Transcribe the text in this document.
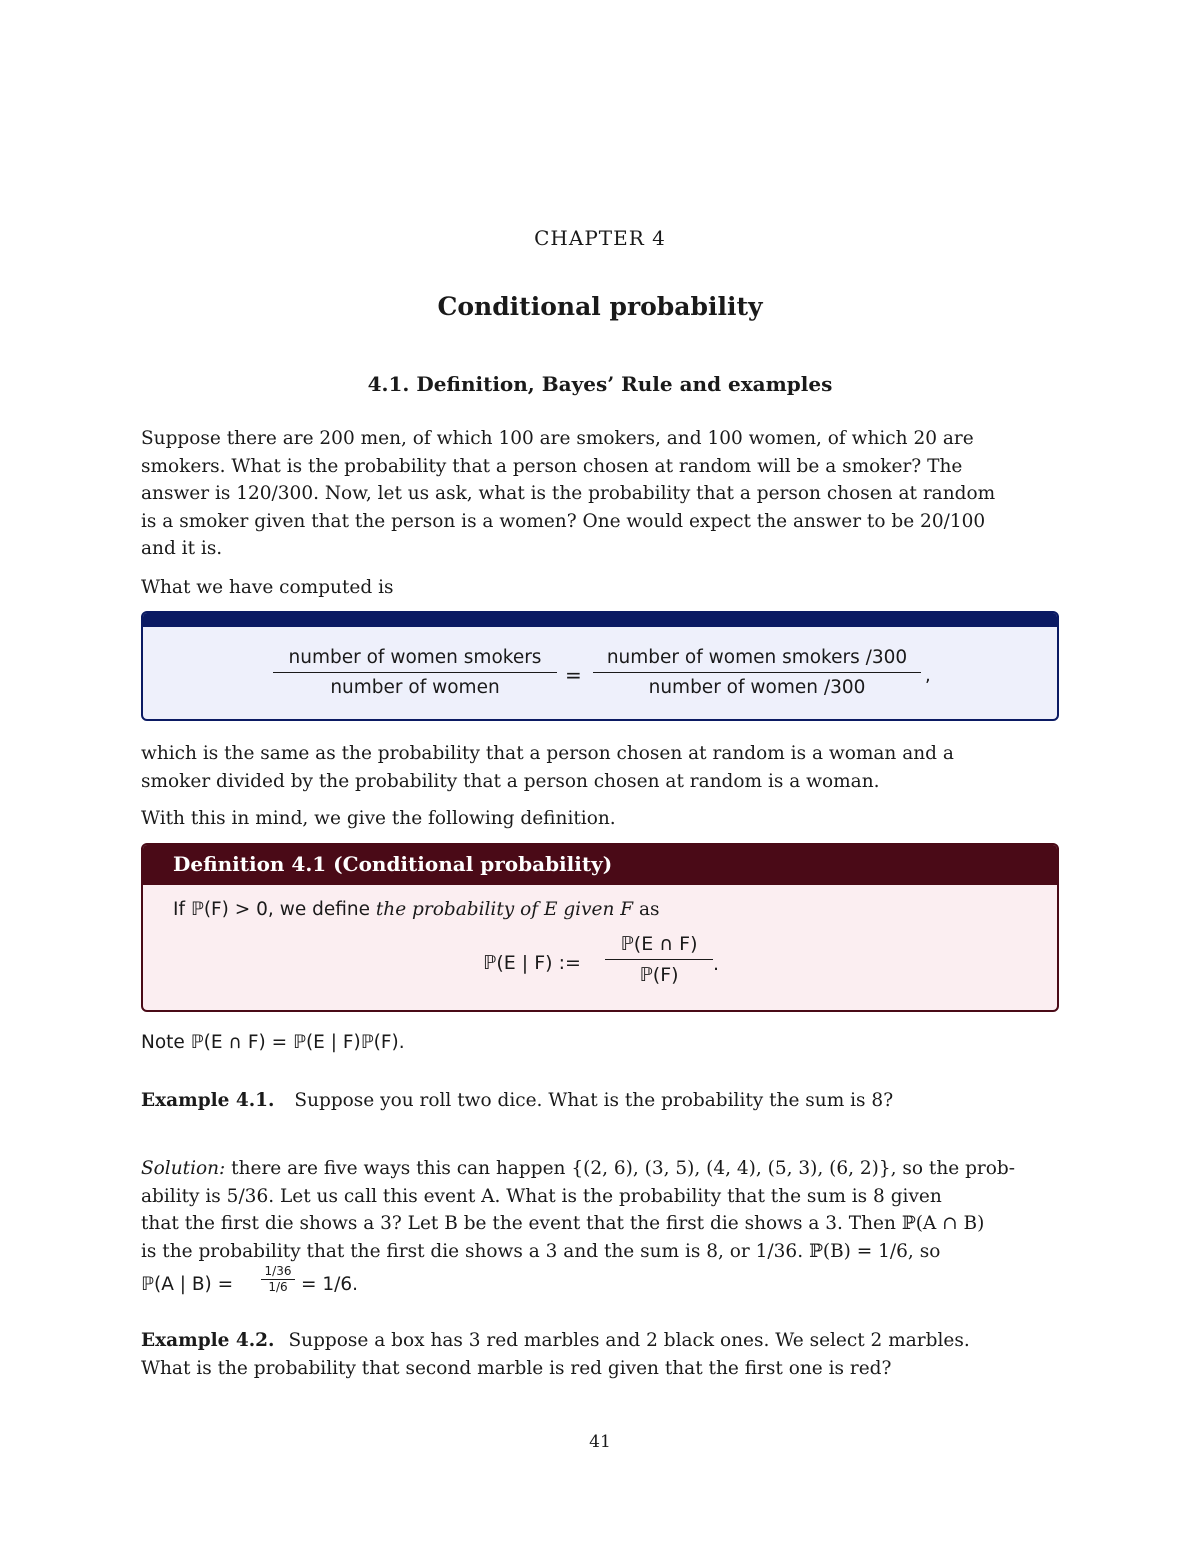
CHAPTER 4
Conditional probability
4.1. Definition, Bayes’ Rule and examples
Suppose there are 200 men, of which 100 are smokers, and 100 women, of which 20 are
smokers. What is the probability that a person chosen at random will be a smoker? The
answer is 120/300. Now, let us ask, what is the probability that a person chosen at random
is a smoker given that the person is a women? One would expect the answer to be 20/100
and it is.
What we have computed is
number of women smokers
number of women
=
number of women smokers /300
number of women /300
,
which is the same as the probability that a person chosen at random is a woman and a
smoker divided by the probability that a person chosen at random is a woman.
With this in mind, we give the following definition.
Definition 4.1 (Conditional probability)
If ℙ(F) > 0, we define the probability of E given F as
ℙ(E | F) :=
ℙ(E ∩ F)
ℙ(F)	.
Note ℙ(E ∩ F) = ℙ(E | F)ℙ(F).
Example 4.1. Suppose you roll two dice. What is the probability the sum is 8?
Solution: there are five ways this can happen {(2, 6), (3, 5), (4, 4), (5, 3), (6, 2)}, so the prob-
ability is 5/36. Let us call this event A. What is the probability that the sum is 8 given
that the first die shows a 3? Let B be the event that the first die shows a 3. Then ℙ(A ∩ B)
is the probability that the first die shows a 3 and the sum is 8, or 1/36. ℙ(B) = 1/6, so
ℙ(A | B) =
1/36
1/6 = 1/6.
Example 4.2. Suppose a box has 3 red marbles and 2 black ones. We select 2 marbles.
What is the probability that second marble is red given that the first one is red?
41
